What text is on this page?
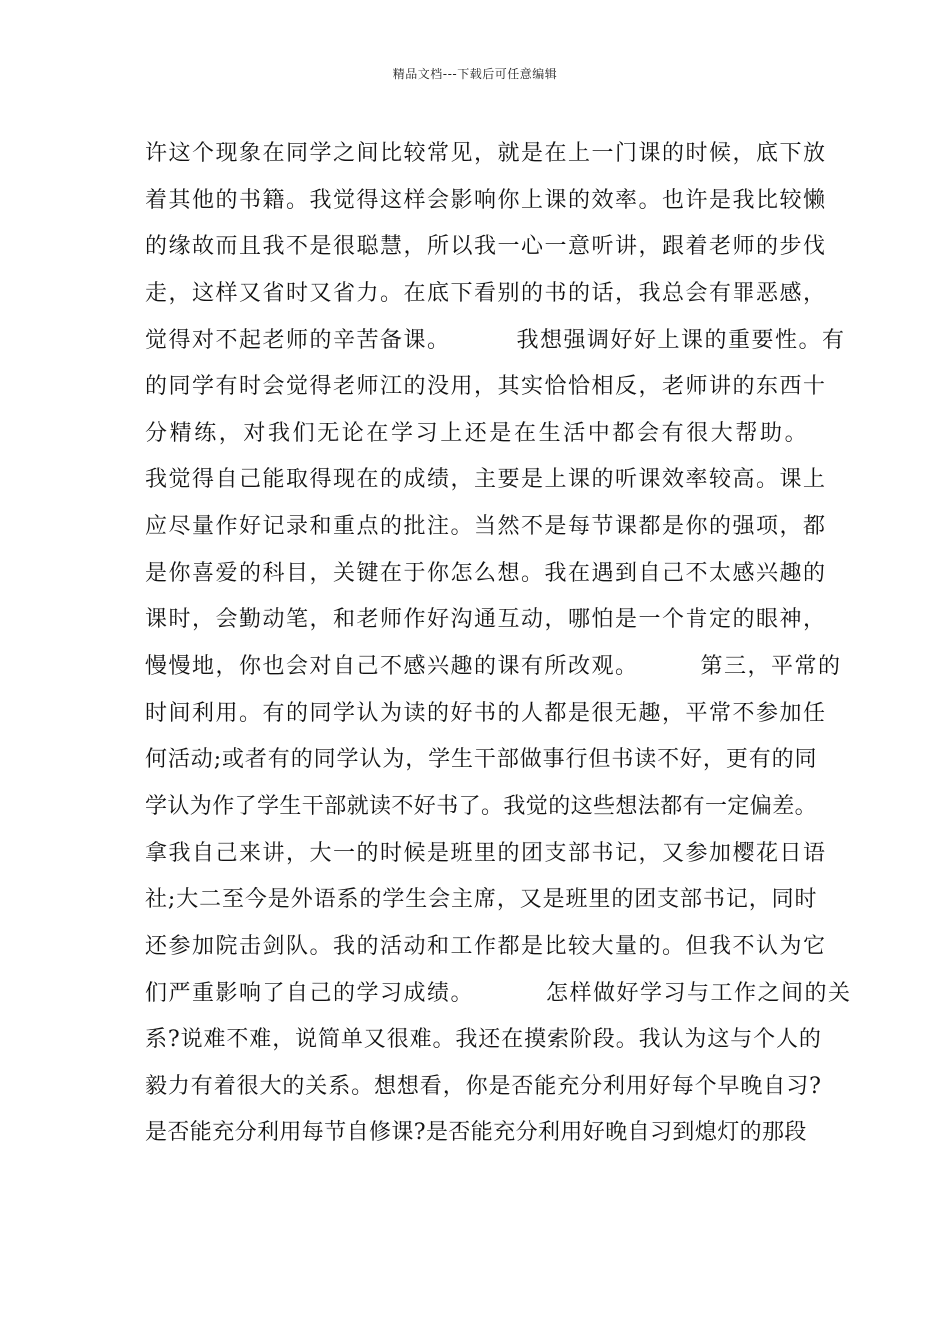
精品文档---下载后可任意编辑
许这个现象在同学之间比较常见，就是在上一门课的时候，底下放
着其他的书籍。我觉得这样会影响你上课的效率。也许是我比较懒
的缘故而且我不是很聪慧，所以我一心一意听讲，跟着老师的步伐
走，这样又省时又省力。在底下看别的书的话，我总会有罪恶感，
觉得对不起老师的辛苦备课。	我想强调好好上课的重要性。有
的同学有时会觉得老师江的没用，其实恰恰相反，老师讲的东西十
分精练，对我们无论在学习上还是在生活中都会有很大帮助。
我觉得自己能取得现在的成绩，主要是上课的听课效率较高。课上
应尽量作好记录和重点的批注。当然不是每节课都是你的强项，都
是你喜爱的科目，关键在于你怎么想。我在遇到自己不太感兴趣的
课时，会勤动笔，和老师作好沟通互动，哪怕是一个肯定的眼神，
慢慢地，你也会对自己不感兴趣的课有所改观。	第三，平常的
时间利用。有的同学认为读的好书的人都是很无趣，平常不参加任
何活动;或者有的同学认为，学生干部做事行但书读不好，更有的同
学认为作了学生干部就读不好书了。我觉的这些想法都有一定偏差。
拿我自己来讲，大一的时候是班里的团支部书记，又参加樱花日语
社;大二至今是外语系的学生会主席，又是班里的团支部书记，同时
还参加院击剑队。我的活动和工作都是比较大量的。但我不认为它
们严重影响了自己的学习成绩。	怎样做好学习与工作之间的关
系?说难不难，说简单又很难。我还在摸索阶段。我认为这与个人的
毅力有着很大的关系。想想看，你是否能充分利用好每个早晚自习?
是否能充分利用每节自修课?是否能充分利用好晚自习到熄灯的那段
